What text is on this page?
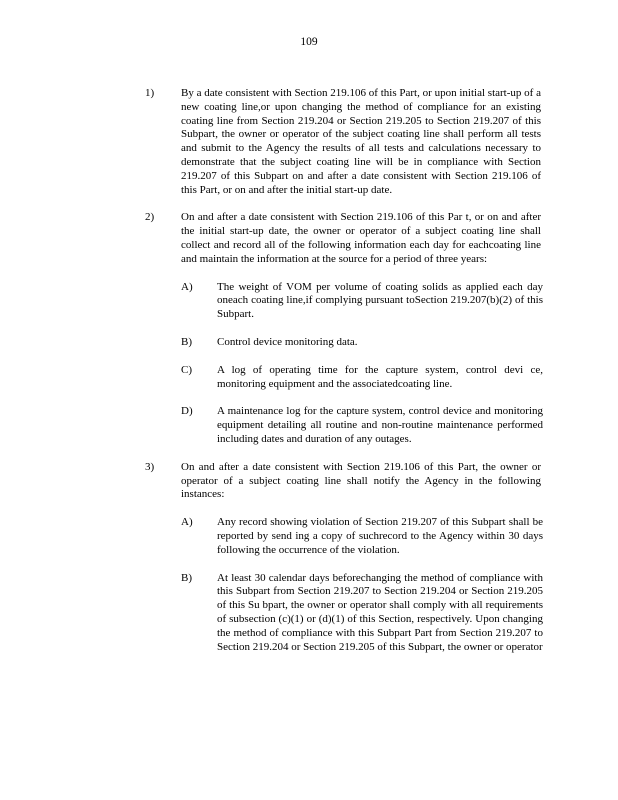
109
1) By a date consistent with Section 219.106 of this Part, or upon initial start-up of a new coating line,or upon changing the method of compliance for an existing coating line from Section 219.204 or Section 219.205 to Section 219.207 of this Subpart, the owner or operator of the subject coating line shall perform all tests and submit to the Agency the results of all tests and calculations necessary to demonstrate that the subject coating line will be in compliance with Section 219.207 of this Subpart on and after a date consistent with Section 219.106 of this Part, or on and after the initial start-up date.
2) On and after a date consistent with Section 219.106 of this Par t, or on and after the initial start-up date, the owner or operator of a subject coating line shall collect and record all of the following information each day for eachcoating line and maintain the information at the source for a period of three years:
A) The weight of VOM per volume of coating solids as applied each day oneach coating line,if complying pursuant toSection 219.207(b)(2) of this Subpart.
B) Control device monitoring data.
C) A log of operating time for the capture system, control devi ce, monitoring equipment and the associatedcoating line.
D) A maintenance log for the capture system, control device and monitoring equipment detailing all routine and non-routine maintenance performed including dates and duration of any outages.
3) On and after a date consistent with Section 219.106 of this Part, the owner or operator of a subject coating line shall notify the Agency in the following instances:
A) Any record showing violation of Section 219.207 of this Subpart shall be reported by send ing a copy of suchrecord to the Agency within 30 days following the occurrence of the violation.
B) At least 30 calendar days beforechanging the method of compliance with this Subpart from Section 219.207 to Section 219.204 or Section 219.205 of this Su bpart, the owner or operator shall comply with all requirements of subsection (c)(1) or (d)(1) of this Section, respectively. Upon changing the method of compliance with this Subpart Part from Section 219.207 to Section 219.204 or Section 219.205 of this Subpart, the owner or operator
